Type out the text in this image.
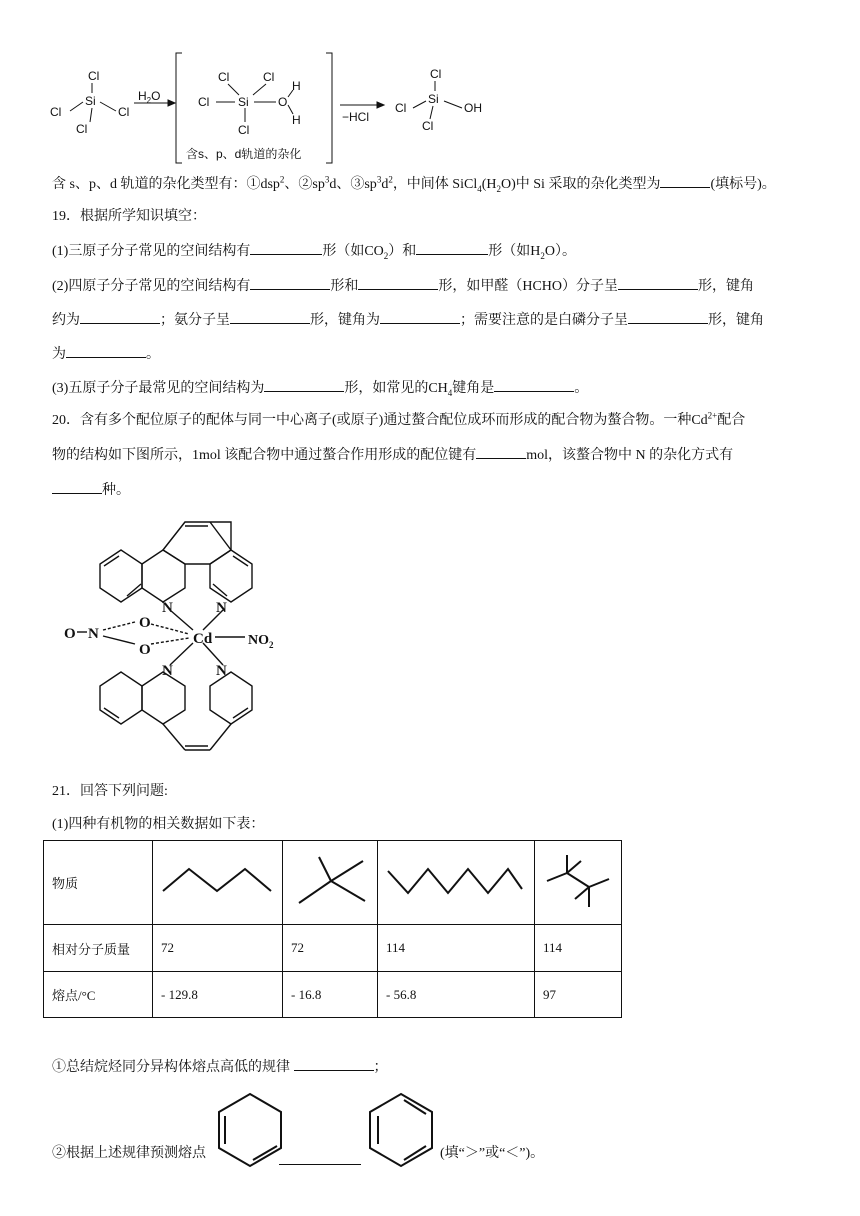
Cl
Si
Cl	Cl
Cl
$H_2O$
Cl	Cl
Si
Cl	O
H
H
Cl
含s、p、d轨道的杂化
−HCl
Cl
Si
Cl	OH
Cl
含 s、p、d 轨道的杂化类型有：①dsp$^2$、$②sp^3d$、$③sp^3d^2$，中间体 $SiCl_4(H_2O)$中 Si 采取的杂化类型为	(填标号)。
19．根据所学知识填空：
(1)三原子分子常见的空间结构有	形（如$CO_2$）和	形（如$H_2O$）。
(2)四原子分子常见的空间结构有	形和	形，如甲醛（HCHO）分子呈	形，键角
约为	；氨分子呈	形，键角为	；需要注意的是白磷分子呈	形，键角
为	。
(3)五原子分子最常见的空间结构为	形，如常见的$CH_4$键角是	。
20．含有多个配位原子的配体与同一中心离子(或原子)通过螯合配位成环而形成的配合物为螯合物。一种$Cd^{2+}$配合
物的结构如下图所示，1mol 该配合物中通过螯合作用形成的配位键有	mol，该螯合物中 N 的杂化方式有
种。
N	N
N	N
Cd
O
O
N
O	$NO_2$
21．回答下列问题:
(1)四种有机物的相关数据如下表：
物质				
相对分子质量	72	72	114	114
熔点/°C	- 129.8	- 16.8	- 56.8	97
①总结烷烃同分异构体熔点高低的规律	；
②根据上述规律预测熔点	(填“＞”或“＜”)。
